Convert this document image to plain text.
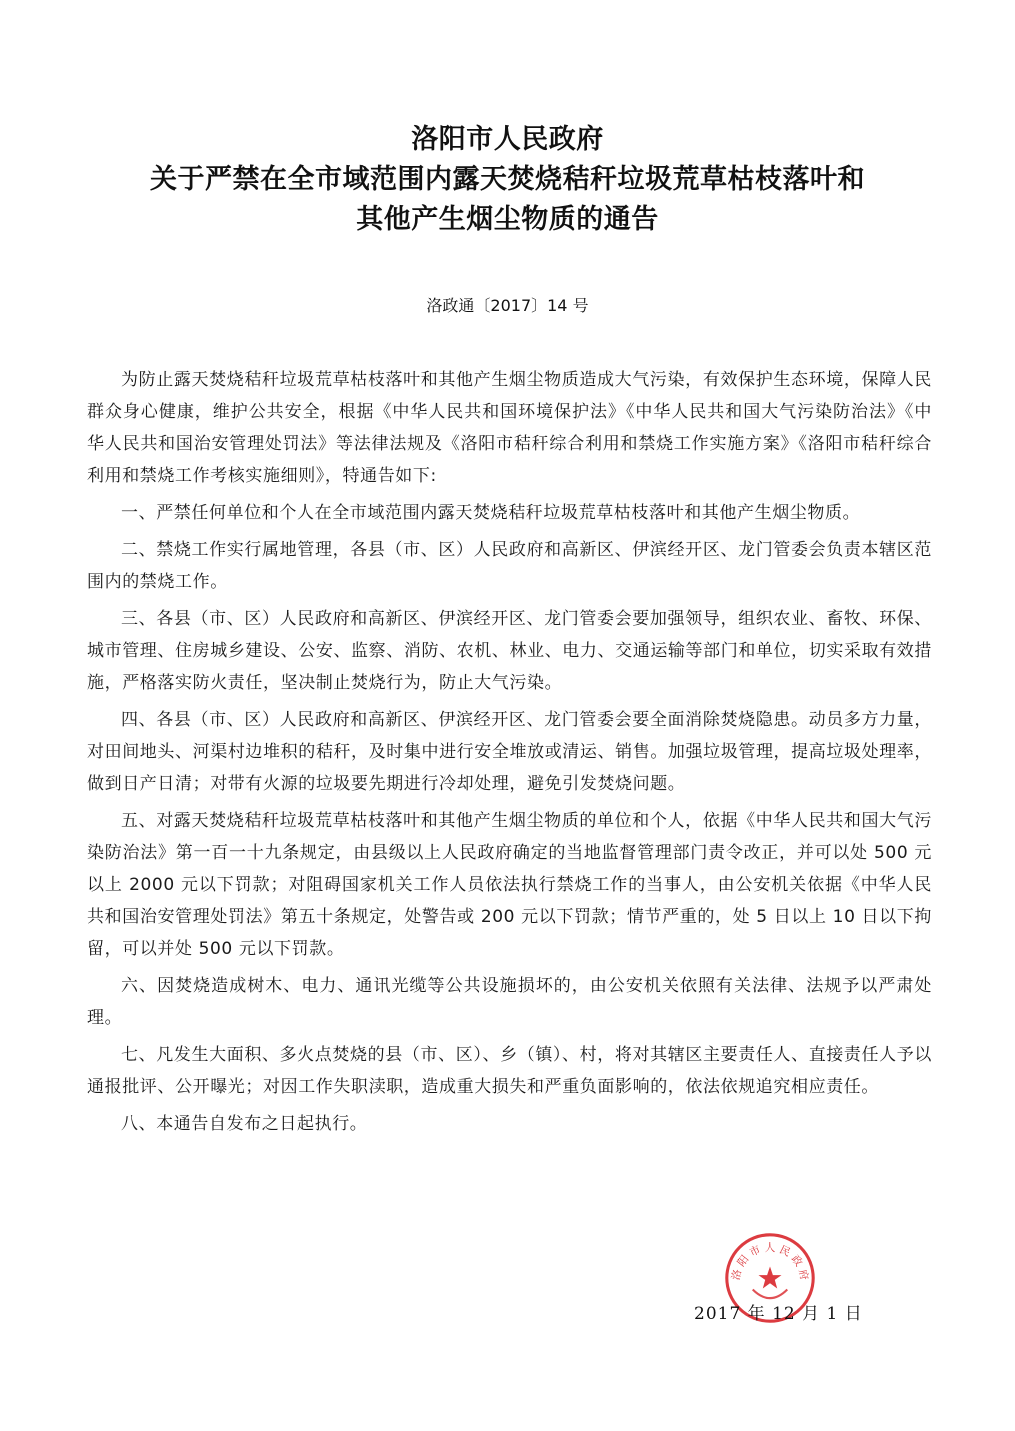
洛阳市人民政府
关于严禁在全市域范围内露天焚烧秸秆垃圾荒草枯枝落叶和
其他产生烟尘物质的通告
洛政通〔2017〕14 号

为防止露天焚烧秸秆垃圾荒草枯枝落叶和其他产生烟尘物质造成大气污染，有效保护生态环境，保障人民群众身心健康，维护公共安全，根据《中华人民共和国环境保护法》《中华人民共和国大气污染防治法》《中华人民共和国治安管理处罚法》等法律法规及《洛阳市秸秆综合利用和禁烧工作实施方案》《洛阳市秸秆综合利用和禁烧工作考核实施细则》，特通告如下:

一、严禁任何单位和个人在全市域范围内露天焚烧秸秆垃圾荒草枯枝落叶和其他产生烟尘物质。

二、禁烧工作实行属地管理，各县（市、区）人民政府和高新区、伊滨经开区、龙门管委会负责本辖区范围内的禁烧工作。

三、各县（市、区）人民政府和高新区、伊滨经开区、龙门管委会要加强领导，组织农业、畜牧、环保、城市管理、住房城乡建设、公安、监察、消防、农机、林业、电力、交通运输等部门和单位，切实采取有效措施，严格落实防火责任，坚决制止焚烧行为，防止大气污染。

四、各县（市、区）人民政府和高新区、伊滨经开区、龙门管委会要全面消除焚烧隐患。动员多方力量，对田间地头、河渠村边堆积的秸秆，及时集中进行安全堆放或清运、销售。加强垃圾管理，提高垃圾处理率，做到日产日清；对带有火源的垃圾要先期进行冷却处理，避免引发焚烧问题。

五、对露天焚烧秸秆垃圾荒草枯枝落叶和其他产生烟尘物质的单位和个人，依据《中华人民共和国大气污染防治法》第一百一十九条规定，由县级以上人民政府确定的当地监督管理部门责令改正，并可以处 500 元以上 2000 元以下罚款；对阻碍国家机关工作人员依法执行禁烧工作的当事人，由公安机关依据《中华人民共和国治安管理处罚法》第五十条规定，处警告或 200 元以下罚款；情节严重的，处 5 日以上 10 日以下拘留，可以并处 500 元以下罚款。

六、因焚烧造成树木、电力、通讯光缆等公共设施损坏的，由公安机关依照有关法律、法规予以严肃处理。

七、凡发生大面积、多火点焚烧的县（市、区）、乡（镇）、村，将对其辖区主要责任人、直接责任人予以通报批评、公开曝光；对因工作失职渎职，造成重大损失和严重负面影响的，依法依规追究相应责任。

八、本通告自发布之日起执行。

洛 阳 市 人 民 政 府
2017 年 12 月 1 日
